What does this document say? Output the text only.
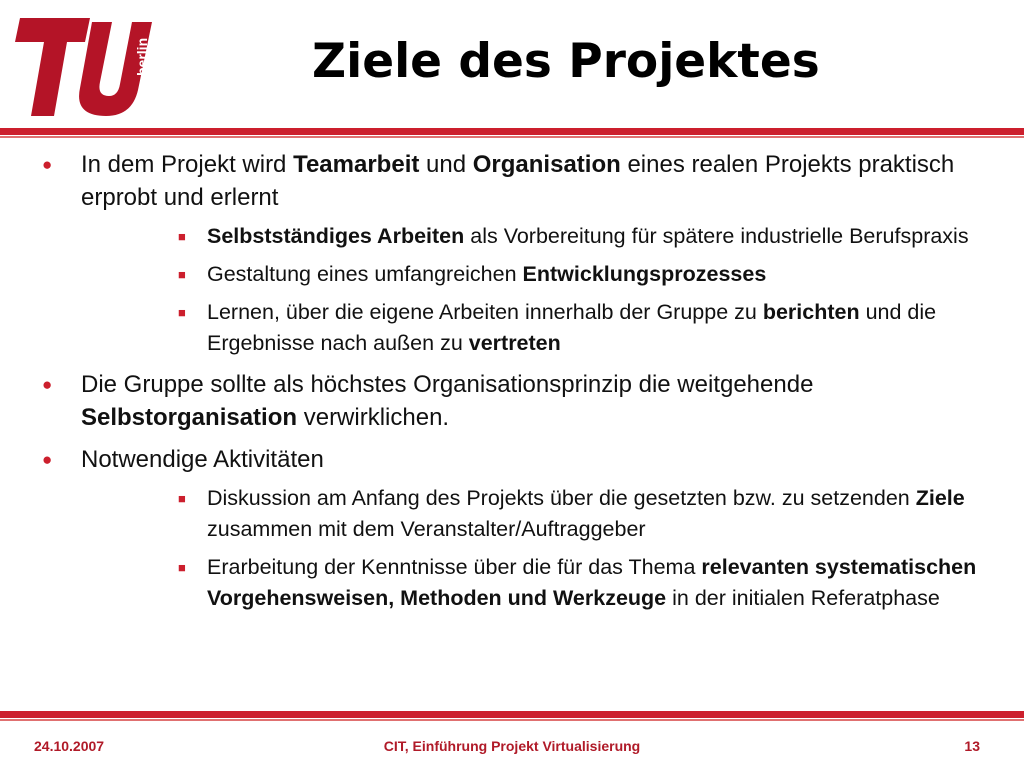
berlin	Ziele des Projektes
● In dem Projekt wird Teamarbeit und Organisation eines realen Projekts praktisch erprobt und erlernt
■ Selbstständiges Arbeiten als Vorbereitung für spätere industrielle Berufspraxis
■ Gestaltung eines umfangreichen Entwicklungsprozesses
■ Lernen, über die eigene Arbeiten innerhalb der Gruppe zu berichten und die Ergebnisse nach außen zu vertreten
● Die Gruppe sollte als höchstes Organisationsprinzip die weitgehende Selbstorganisation verwirklichen.
● Notwendige Aktivitäten
■ Diskussion am Anfang des Projekts über die gesetzten bzw. zu setzenden Ziele zusammen mit dem Veranstalter/Auftraggeber
■ Erarbeitung der Kenntnisse über die für das Thema relevanten systematischen Vorgehensweisen, Methoden und Werkzeuge in der initialen Referatphase
24.10.2007	CIT, Einführung Projekt Virtualisierung	13
